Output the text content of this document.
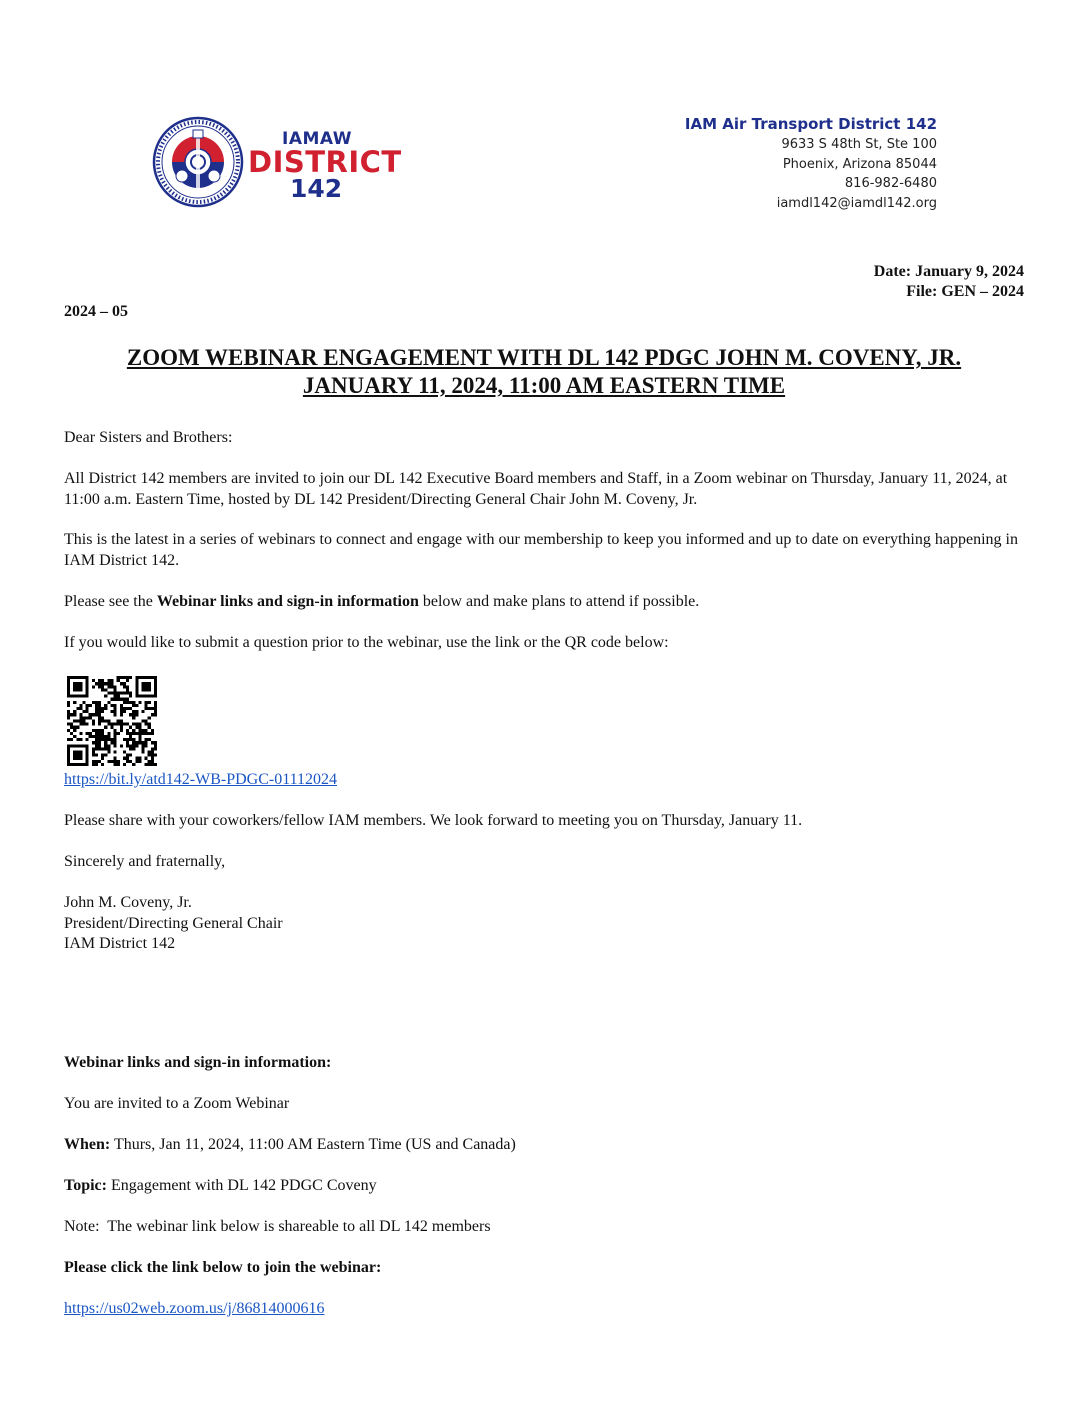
IAMAW
DISTRICT
142
IAM Air Transport District 142
9633 S 48th St, Ste 100
Phoenix, Arizona 85044
816-982-6480
iamdl142@iamdl142.org
Date: January 9, 2024
File: GEN – 2024
2024 – 05
ZOOM WEBINAR ENGAGEMENT WITH DL 142 PDGC JOHN M. COVENY, JR.
JANUARY 11, 2024, 11:00 AM EASTERN TIME

Dear Sisters and Brothers:

All District 142 members are invited to join our DL 142 Executive Board members and Staff, in a Zoom webinar on Thursday, January 11, 2024, at 11:00 a.m. Eastern Time, hosted by DL 142 President/Directing General Chair John M. Coveny, Jr.

This is the latest in a series of webinars to connect and engage with our membership to keep you informed and up to date on everything happening in IAM District 142.

Please see the Webinar links and sign-in information below and make plans to attend if possible.

If you would like to submit a question prior to the webinar, use the link or the QR code below:

https://bit.ly/atd142-WB-PDGC-01112024

Please share with your coworkers/fellow IAM members. We look forward to meeting you on Thursday, January 11.

Sincerely and fraternally,

John M. Coveny, Jr.

President/Directing General Chair

IAM District 142

Webinar links and sign-in information:

You are invited to a Zoom Webinar

When: Thurs, Jan 11, 2024, 11:00 AM Eastern Time (US and Canada)

Topic: Engagement with DL 142 PDGC Coveny

Note:  The webinar link below is shareable to all DL 142 members

Please click the link below to join the webinar:

https://us02web.zoom.us/j/86814000616
